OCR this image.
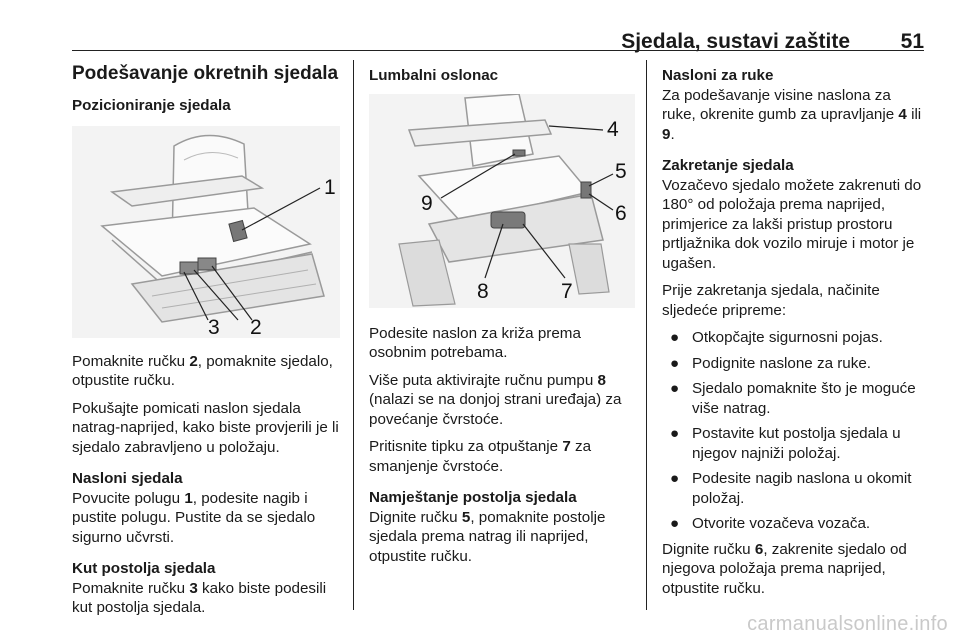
Sjedala, sustavi zaštite 51
Podešavanje okretnih sjedala
Pozicioniranje sjedala
1
2
3

Pomaknite ručku 2, pomaknite sjedalo, otpustite ručku.

Pokušajte pomicati naslon sjedala natrag-naprijed, kako biste provjerili je li sjedalo zabravljeno u položaju.

Nasloni sjedala

Povucite polugu 1, podesite nagib i pustite polugu. Pustite da se sjedalo sigurno učvrsti.

Kut postolja sjedala

Pomaknite ručku 3 kako biste podesili kut postolja sjedala.

Lumbalni oslonac
4
5
6
7
8
9

Podesite naslon za križa prema osobnim potrebama.

Više puta aktivirajte ručnu pumpu 8 (nalazi se na donjoj strani uređaja) za povećanje čvrstoće.

Pritisnite tipku za otpuštanje 7 za smanjenje čvrstoće.

Namještanje postolja sjedala

Dignite ručku 5, pomaknite postolje sjedala prema natrag ili naprijed, otpustite ručku.

Nasloni za ruke

Za podešavanje visine naslona za ruke, okrenite gumb za upravljanje 4 ili 9.

Zakretanje sjedala

Vozačevo sjedalo možete zakrenuti do 180° od položaja prema naprijed, primjerice za lakši pristup prostoru prtljažnika dok vozilo miruje i motor je ugašen.

Prije zakretanja sjedala, načinite sljedeće pripreme:

● Otkopčajte sigurnosni pojas.
● Podignite naslone za ruke.
● Sjedalo pomaknite što je moguće više natrag.
● Postavite kut postolja sjedala u njegov najniži položaj.
● Podesite nagib naslona u okomit položaj.
● Otvorite vozačeva vozača.

Dignite ručku 6, zakrenite sjedalo od njegova položaja prema naprijed, otpustite ručku.

carmanualsonline.info
